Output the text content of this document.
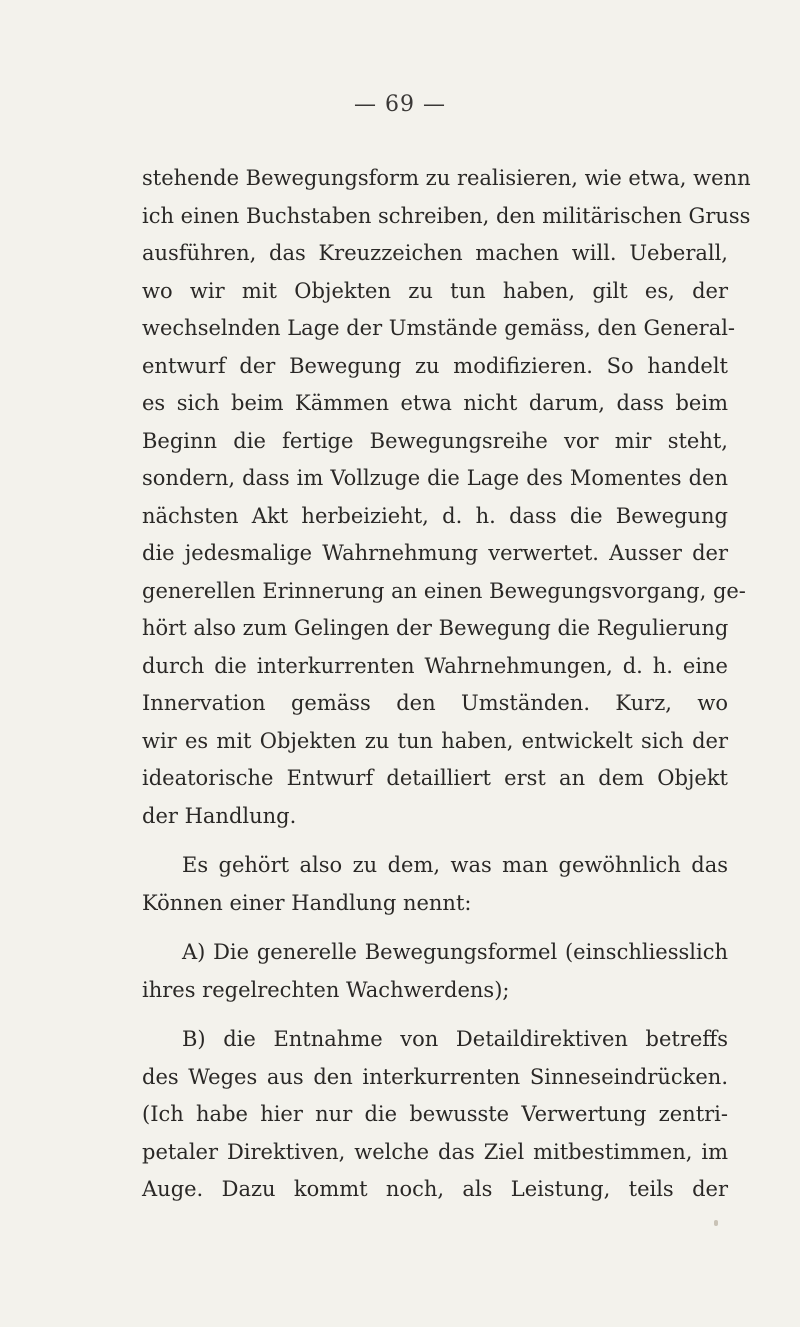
— 69 —
stehende Bewegungsform zu realisieren, wie etwa, wenn
ich einen Buchstaben schreiben, den militärischen Gruss
ausführen, das Kreuzzeichen machen will. Ueberall,
wo wir mit Objekten zu tun haben, gilt es, der
wechselnden Lage der Umstände gemäss, den General-
entwurf der Bewegung zu modifizieren. So handelt
es sich beim Kämmen etwa nicht darum, dass beim
Beginn die fertige Bewegungsreihe vor mir steht,
sondern, dass im Vollzuge die Lage des Momentes den
nächsten Akt herbeizieht, d. h. dass die Bewegung
die jedesmalige Wahrnehmung verwertet. Ausser der
generellen Erinnerung an einen Bewegungsvorgang, ge-
hört also zum Gelingen der Bewegung die Regulierung
durch die interkurrenten Wahrnehmungen, d. h. eine
Innervation gemäss den Umständen. Kurz, wo
wir es mit Objekten zu tun haben, entwickelt sich der
ideatorische Entwurf detailliert erst an dem Objekt
der Handlung.
Es gehört also zu dem, was man gewöhnlich das
Können einer Handlung nennt:
A) Die generelle Bewegungsformel (einschliesslich
ihres regelrechten Wachwerdens);
B) die Entnahme von Detaildirektiven betreffs
des Weges aus den interkurrenten Sinneseindrücken.
(Ich habe hier nur die bewusste Verwertung zentri-
petaler Direktiven, welche das Ziel mitbestimmen, im
Auge. Dazu kommt noch, als Leistung, teils der
